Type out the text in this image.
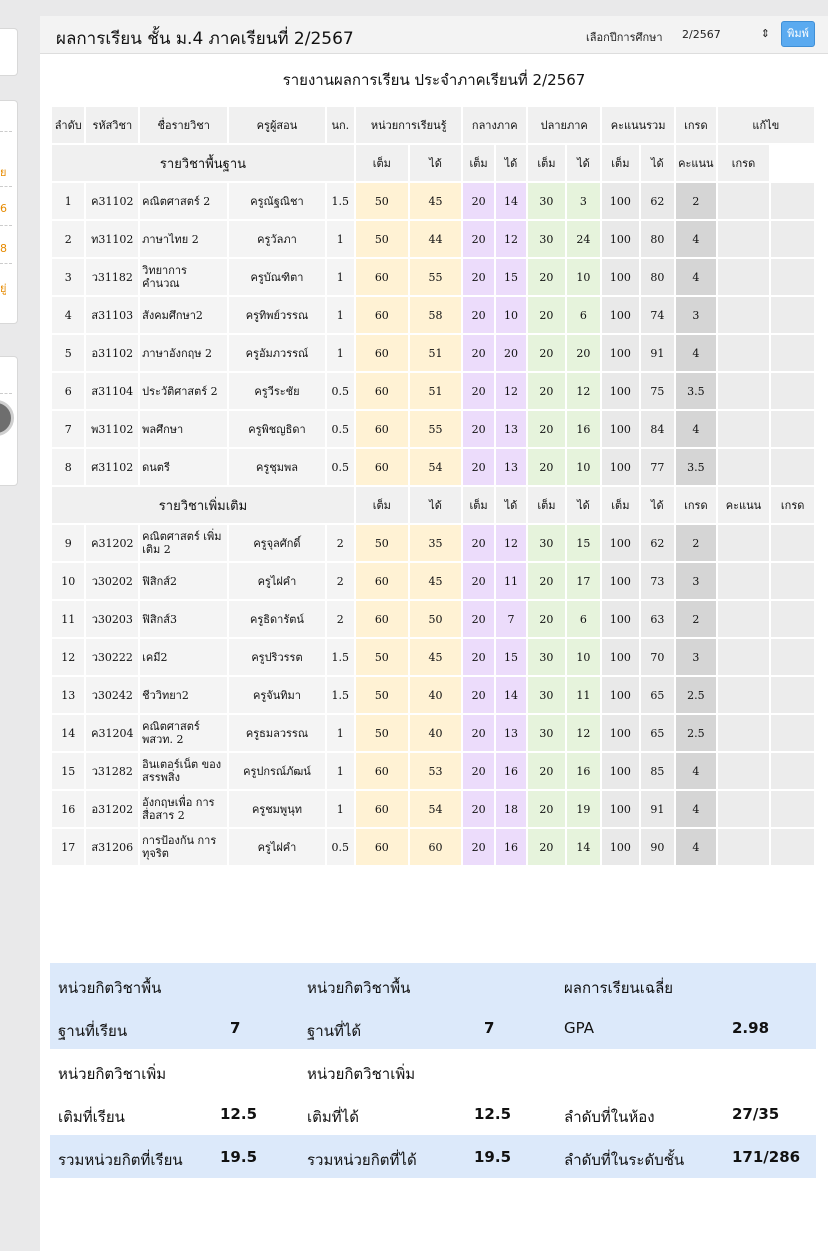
ย
6
8
ยู่
ผลการเรียน ชั้น ม.4 ภาคเรียนที่ 2/2567	เลือกปีการศึกษา 2/2567	⇕	พิมพ์
รายงานผลการเรียน ประจำภาคเรียนที่ 2/2567
ลำดับ	รหัสวิชา	ชื่อรายวิชา	ครูผู้สอน	นก.	หน่วยการเรียนรู้		กลางภาค		ปลายภาค		คะแนนรวม		เกรด	แก้ไข	
รายวิชาพื้นฐาน					เต็ม	ได้	เต็ม	ได้	เต็ม	ได้	เต็ม	ได้	คะแนน	เกรด	
1	ค31102	คณิตศาสตร์ 2	ครูณัฐณิชา	1.5	50	45	20	14	30	3	100	62	2		
2	ท31102	ภาษาไทย 2	ครูวัลภา	1	50	44	20	12	30	24	100	80	4		
3	ว31182	วิทยาการ คำนวณ	ครูบัณฑิตา	1	60	55	20	15	20	10	100	80	4		
4	ส31103	สังคมศึกษา2	ครูทิพย์วรรณ	1	60	58	20	10	20	6	100	74	3		
5	อ31102	ภาษาอังกฤษ 2	ครูอัมภวรรณ์	1	60	51	20	20	20	20	100	91	4		
6	ส31104	ประวัติศาสตร์ 2	ครูวีระชัย	0.5	60	51	20	12	20	12	100	75	3.5		
7	พ31102	พลศึกษา	ครูพิชญธิดา	0.5	60	55	20	13	20	16	100	84	4		
8	ศ31102	ดนตรี	ครูชุมพล	0.5	60	54	20	13	20	10	100	77	3.5		
รายวิชาเพิ่มเติม					เต็ม	ได้	เต็ม	ได้	เต็ม	ได้	เต็ม	ได้	เกรด	คะแนน	เกรด
9	ค31202	คณิตศาสตร์ เพิ่มเติม 2	ครูจุลศักดิ์	2	50	35	20	12	30	15	100	62	2		
10	ว30202	ฟิสิกส์2	ครูไฝคำ	2	60	45	20	11	20	17	100	73	3		
11	ว30203	ฟิสิกส์3	ครูธิดารัตน์	2	60	50	20	7	20	6	100	63	2		
12	ว30222	เคมี2	ครูปริวรรต	1.5	50	45	20	15	30	10	100	70	3		
13	ว30242	ชีววิทยา2	ครูจันทิมา	1.5	50	40	20	14	30	11	100	65	2.5		
14	ค31204	คณิตศาสตร์ พสวท. 2	ครูธมลวรรณ	1	50	40	20	13	30	12	100	65	2.5		
15	ว31282	อินเตอร์เน็ต ของสรรพสิ่ง	ครูปกรณ์ภัฒน์	1	60	53	20	16	20	16	100	85	4		
16	อ31202	อังกฤษเพื่อ การสื่อสาร 2	ครูชมพูนุท	1	60	54	20	18	20	19	100	91	4		
17	ส31206	การป้องกัน การทุจริต	ครูไฝคำ	0.5	60	60	20	16	20	14	100	90	4		
หน่วยกิตวิชาพื้น	หน่วยกิตวิชาพื้น	ผลการเรียนเฉลี่ย
ฐานที่เรียน	7	ฐานที่ได้	7	GPA	2.98
หน่วยกิตวิชาเพิ่ม	หน่วยกิตวิชาเพิ่ม
เติมที่เรียน	12.5	เติมที่ได้	12.5	ลำดับที่ในห้อง	27/35
รวมหน่วยกิตที่เรียน 19.5	รวมหน่วยกิตที่ได้	19.5	ลำดับที่ในระดับชั้น	171/286
